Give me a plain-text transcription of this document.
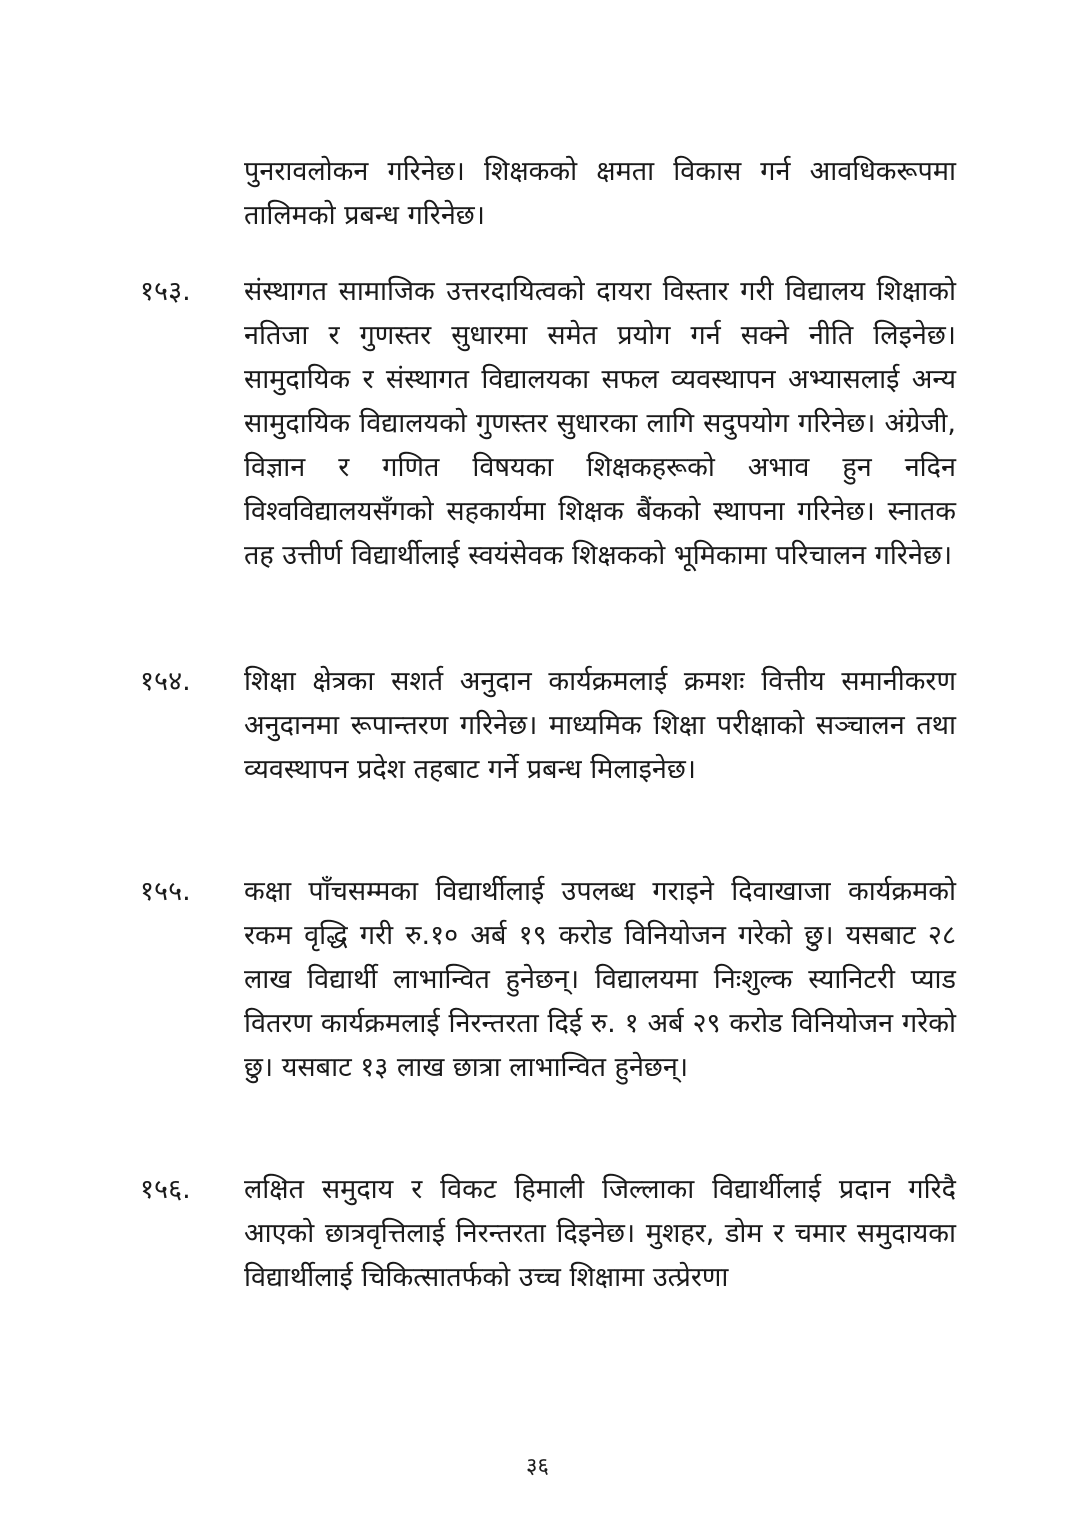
पुनरावलोकन गरिनेछ। शिक्षकको क्षमता विकास गर्न आवधिकरूपमा तालिमको प्रबन्ध गरिनेछ।
१५३.	संस्थागत सामाजिक उत्तरदायित्वको दायरा विस्तार गरी विद्यालय शिक्षाको नतिजा र गुणस्तर सुधारमा समेत प्रयोग गर्न सक्ने नीति लिइनेछ। सामुदायिक र संस्थागत विद्यालयका सफल व्यवस्थापन अभ्यासलाई अन्य सामुदायिक विद्यालयको गुणस्तर सुधारका लागि सदुपयोग गरिनेछ। अंग्रेजी, विज्ञान र गणित विषयका शिक्षकहरूको अभाव हुन नदिन विश्वविद्यालयसँगको सहकार्यमा शिक्षक बैंकको स्थापना गरिनेछ। स्नातक तह उत्तीर्ण विद्यार्थीलाई स्वयंसेवक शिक्षकको भूमिकामा परिचालन गरिनेछ।
१५४.	शिक्षा क्षेत्रका सशर्त अनुदान कार्यक्रमलाई क्रमशः वित्तीय समानीकरण अनुदानमा रूपान्तरण गरिनेछ। माध्यमिक शिक्षा परीक्षाको सञ्चालन तथा व्यवस्थापन प्रदेश तहबाट गर्ने प्रबन्ध मिलाइनेछ।
१५५.	कक्षा पाँचसम्मका विद्यार्थीलाई उपलब्ध गराइने दिवाखाजा कार्यक्रमको रकम वृद्धि गरी रु.१० अर्ब १९ करोड विनियोजन गरेको छु। यसबाट २८ लाख विद्यार्थी लाभान्वित हुनेछन्। विद्यालयमा निःशुल्क स्यानिटरी प्याड वितरण कार्यक्रमलाई निरन्तरता दिई रु. १ अर्ब २९ करोड विनियोजन गरेको छु। यसबाट १३ लाख छात्रा लाभान्वित हुनेछन्।
१५६.	लक्षित समुदाय र विकट हिमाली जिल्लाका विद्यार्थीलाई प्रदान गरिदै आएको छात्रवृत्तिलाई निरन्तरता दिइनेछ। मुशहर, डोम र चमार समुदायका विद्यार्थीलाई चिकित्सातर्फको उच्च शिक्षामा उत्प्रेरणा
३६
